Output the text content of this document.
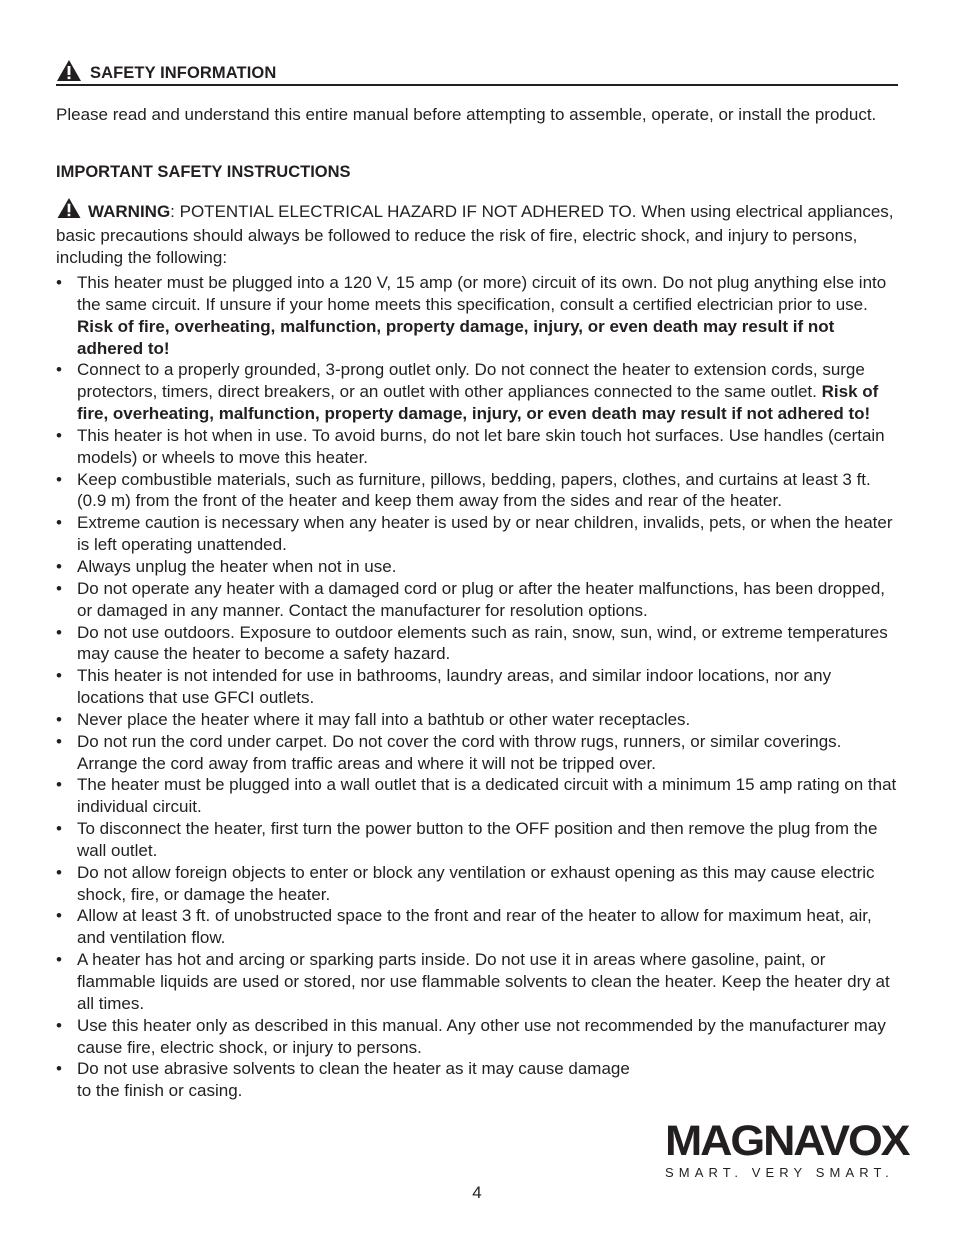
SAFETY INFORMATION

Please read and understand this entire manual before attempting to assemble, operate, or install the product.

IMPORTANT SAFETY INSTRUCTIONS

WARNING: POTENTIAL ELECTRICAL HAZARD IF NOT ADHERED TO. When using electrical appliances, basic precautions should always be followed to reduce the risk of fire, electric shock, and injury to persons, including the following:

• This heater must be plugged into a 120 V, 15 amp (or more) circuit of its own. Do not plug anything else into the same circuit. If unsure if your home meets this specification, consult a certified electrician prior to use. Risk of fire, overheating, malfunction, property damage, injury, or even death may result if not adhered to!
• Connect to a properly grounded, 3-prong outlet only. Do not connect the heater to extension cords, surge protectors, timers, direct breakers, or an outlet with other appliances connected to the same outlet. Risk of fire, overheating, malfunction, property damage, injury, or even death may result if not adhered to!
• This heater is hot when in use. To avoid burns, do not let bare skin touch hot surfaces. Use handles (certain models) or wheels to move this heater.
• Keep combustible materials, such as furniture, pillows, bedding, papers, clothes, and curtains at least 3 ft. (0.9 m) from the front of the heater and keep them away from the sides and rear of the heater.
• Extreme caution is necessary when any heater is used by or near children, invalids, pets, or when the heater is left operating unattended.
• Always unplug the heater when not in use.
• Do not operate any heater with a damaged cord or plug or after the heater malfunctions, has been dropped, or damaged in any manner. Contact the manufacturer for resolution options.
• Do not use outdoors. Exposure to outdoor elements such as rain, snow, sun, wind, or extreme temperatures may cause the heater to become a safety hazard.
• This heater is not intended for use in bathrooms, laundry areas, and similar indoor locations, nor any locations that use GFCI outlets.
• Never place the heater where it may fall into a bathtub or other water receptacles.
• Do not run the cord under carpet. Do not cover the cord with throw rugs, runners, or similar coverings. Arrange the cord away from traffic areas and where it will not be tripped over.
• The heater must be plugged into a wall outlet that is a dedicated circuit with a minimum 15 amp rating on that individual circuit.
• To disconnect the heater, first turn the power button to the OFF position and then remove the plug from the wall outlet.
• Do not allow foreign objects to enter or block any ventilation or exhaust opening as this may cause electric shock, fire, or damage the heater.
• Allow at least 3 ft. of unobstructed space to the front and rear of the heater to allow for maximum heat, air, and ventilation flow.
• A heater has hot and arcing or sparking parts inside. Do not use it in areas where gasoline, paint, or flammable liquids are used or stored, nor use flammable solvents to clean the heater. Keep the heater dry at all times.
• Use this heater only as described in this manual. Any other use not recommended by the manufacturer may cause fire, electric shock, or injury to persons.
• Do not use abrasive solvents to clean the heater as it may cause damage to the finish or casing.
4
MAGNAVOX
SMART. VERY SMART.
